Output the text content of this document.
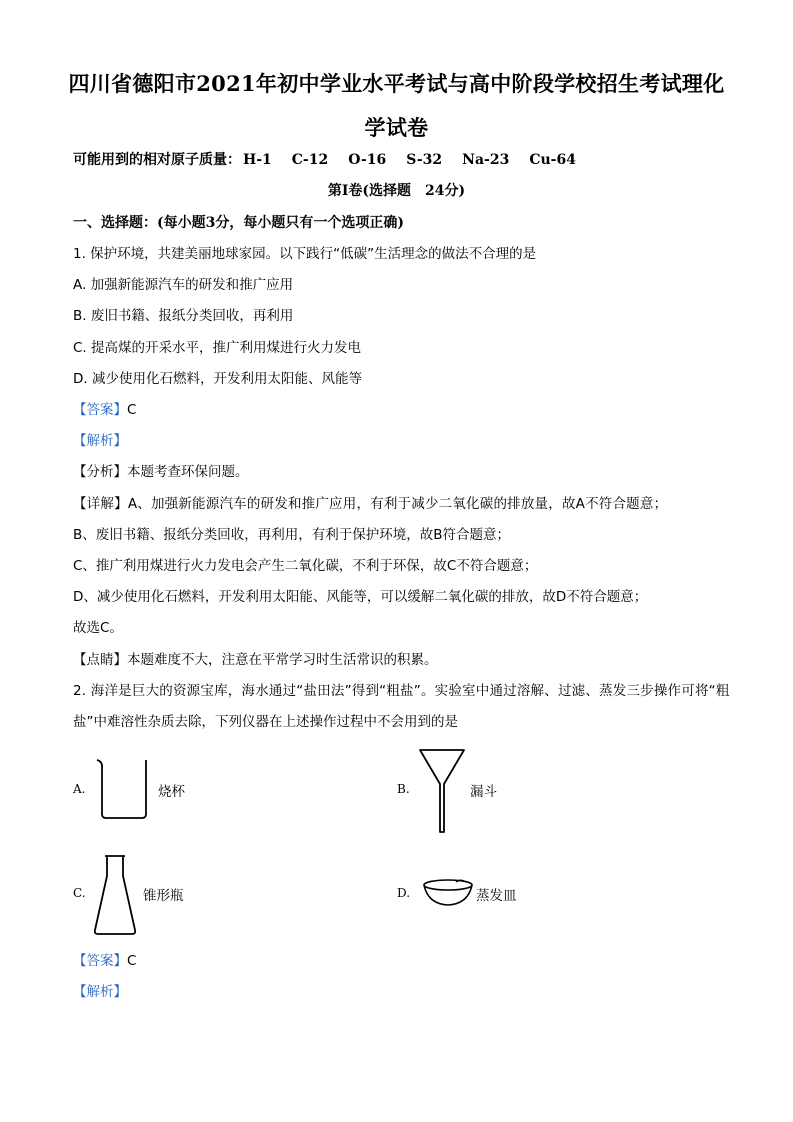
四川省德阳市2021年初中学业水平考试与高中阶段学校招生考试理化
学试卷
可能用到的相对原子质量： H-1 C-12 O-16 S-32 Na-23 Cu-64
第Ⅰ卷(选择题　24分)
一、选择题：(每小题3分，每小题只有一个选项正确)
1. 保护环境，共建美丽地球家园。以下践行“低碳”生活理念的做法不合理的是
A. 加强新能源汽车的研发和推广应用
B. 废旧书籍、报纸分类回收，再利用
C. 提高煤的开采水平，推广利用煤进行火力发电
D. 减少使用化石燃料，开发利用太阳能、风能等
【答案】C
【解析】
【分析】本题考查环保问题。
【详解】A、加强新能源汽车的研发和推广应用，有利于减少二氧化碳的排放量，故A不符合题意；
B、废旧书籍、报纸分类回收，再利用，有利于保护环境，故B符合题意；
C、推广利用煤进行火力发电会产生二氧化碳，不利于环保，故C不符合题意；
D、减少使用化石燃料，开发利用太阳能、风能等，可以缓解二氧化碳的排放，故D不符合题意；
故选C。
【点睛】本题难度不大，注意在平常学习时生活常识的积累。
2. 海洋是巨大的资源宝库，海水通过“盐田法”得到“粗盐”。实验室中通过溶解、过滤、蒸发三步操作可将“粗
盐”中难溶性杂质去除，下列仪器在上述操作过程中不会用到的是
A.	烧杯	B.	漏斗
C.	锥形瓶	D.	蒸发皿
【答案】C
【解析】
